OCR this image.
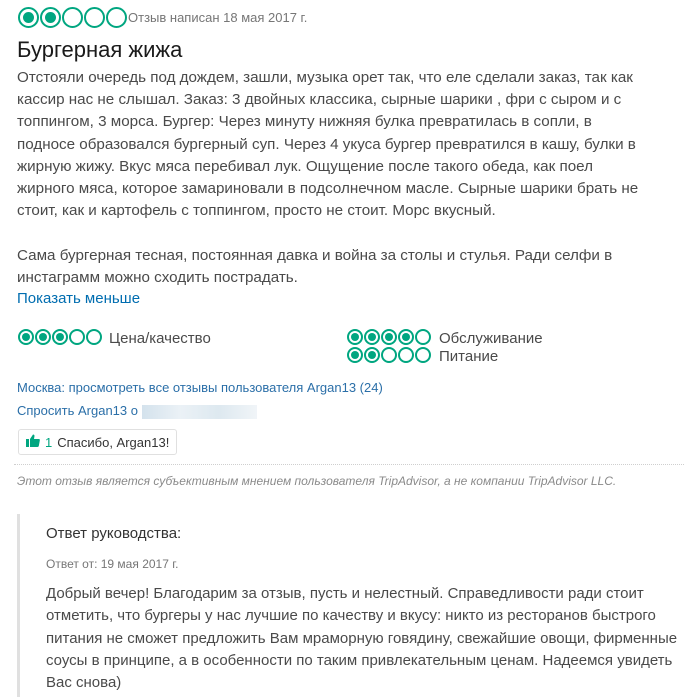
Отзыв написан 18 мая 2017 г.
Бургерная жижа
Отстояли очередь под дождем, зашли, музыка орет так, что еле сделали заказ, так как
кассир нас не слышал. Заказ: 3 двойных классика, сырные шарики , фри с сыром и с
топпингом, 3 морса. Бургер: Через минуту нижняя булка превратилась в сопли, в
подносе образовался бургерный суп. Через 4 укуса бургер превратился в кашу, булки в
жирную жижу. Вкус мяса перебивал лук. Ощущение после такого обеда, как поел
жирного мяса, которое замариновали в подсолнечном масле. Сырные шарики брать не
стоит, как и картофель с топпингом, просто не стоит. Морс вкусный.

Сама бургерная тесная, постоянная давка и война за столы и стулья. Ради селфи в
инстаграмм можно сходить пострадать.
Показать меньше
Цена/качество	Обслуживание
Питание
Москва: просмотреть все отзывы пользователя Argan13 (24)
Спросить Argan13 о
1 Спасибо, Argan13!
Этот отзыв является субъективным мнением пользователя TripAdvisor, а не компании TripAdvisor LLC.
Ответ руководства:
Ответ от: 19 мая 2017 г.
Добрый вечер! Благодарим за отзыв, пусть и нелестный. Справедливости ради стоит отметить, что бургеры у нас лучшие по качеству и вкусу: никто из ресторанов быстрого питания не сможет предложить Вам мраморную говядину, свежайшие овощи, фирменные соусы в принципе, а в особенности по таким привлекательным ценам. Надеемся увидеть Вас снова)
